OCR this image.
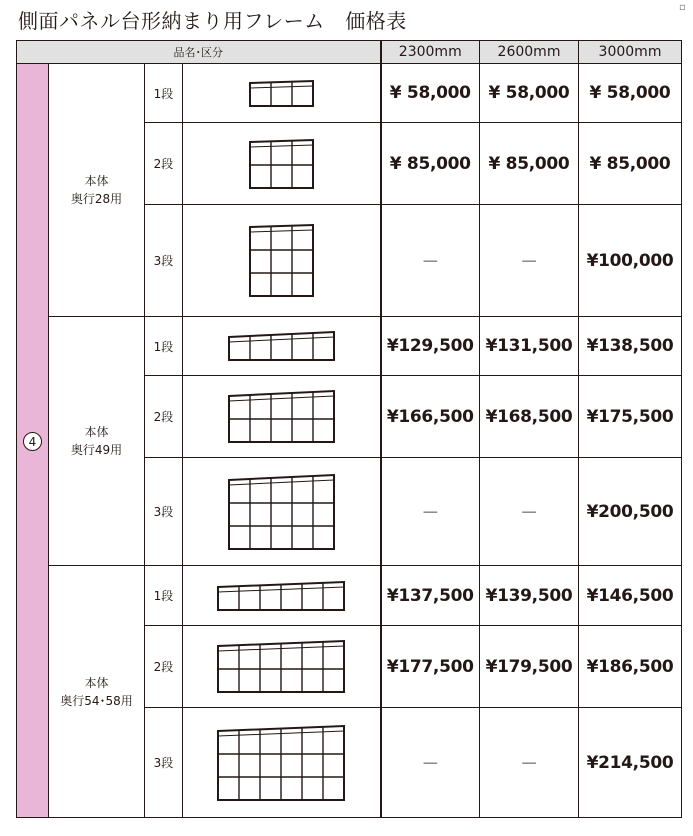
側面パネル台形納まり用フレーム　価格表
▫
品名･区分				2300mm	2600mm	3000mm
4	本体
奥行28用	1段		¥ 58,000	¥ 58,000	¥ 58,000
		2段		¥ 85,000	¥ 85,000	¥ 85,000
		3段		－	－	¥100,000
	本体
奥行49用	1段		¥129,500	¥131,500	¥138,500
		2段		¥166,500	¥168,500	¥175,500
		3段		－	－	¥200,500
	本体
奥行54･58用	1段		¥137,500	¥139,500	¥146,500
		2段		¥177,500	¥179,500	¥186,500
		3段		－	－	¥214,500
